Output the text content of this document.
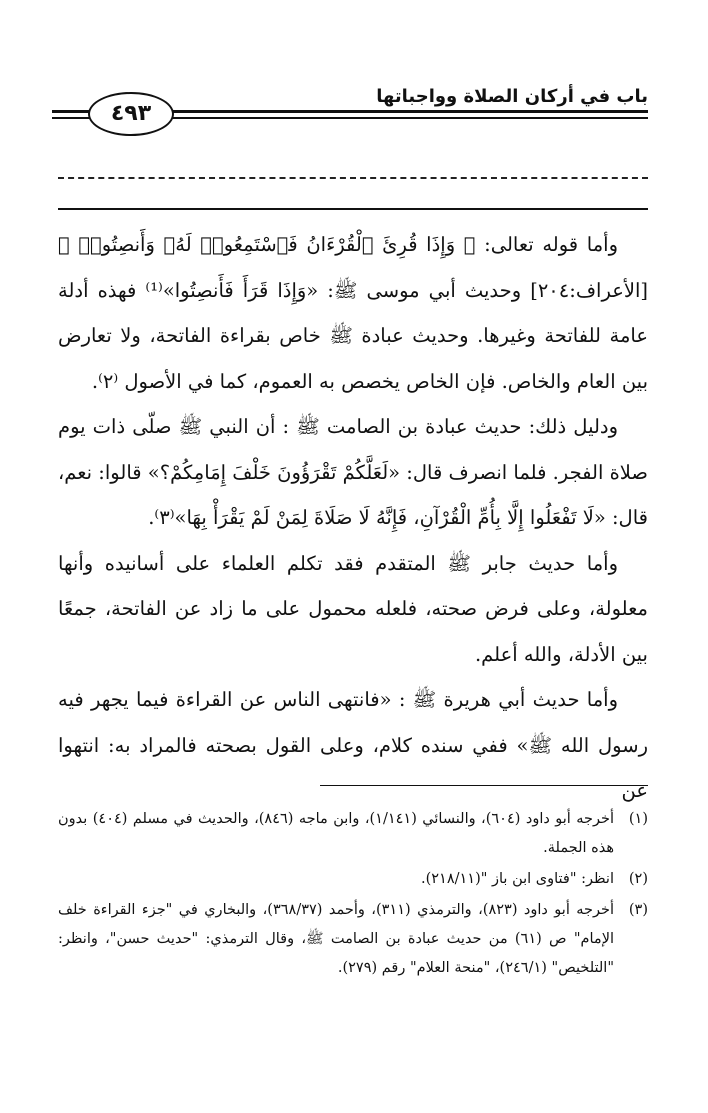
باب في أركان الصلاة وواجباتها
٤٩٣

وأما قوله تعالى: ﴿ وَإِذَا قُرِئَ ٱلْقُرْءَانُ فَٱسْتَمِعُوا۟ لَهُۥ وَأَنصِتُوا۟ ﴾ [الأعراف:٢٠٤] وحديث أبي موسى ﷺ: «وَإِذَا قَرَأَ فَأَنصِتُوا»⁽¹⁾ فهذه أدلة عامة للفاتحة وغيرها. وحديث عبادة ﷺ خاص بقراءة الفاتحة، ولا تعارض بين العام والخاص. فإن الخاص يخصص به العموم، كما في الأصول ⁽٢⁾.

ودليل ذلك: حديث عبادة بن الصامت ﷺ : أن النبي ﷺ صلّى ذات يوم صلاة الفجر. فلما انصرف قال: «لَعَلَّكُمْ تَقْرَؤُونَ خَلْفَ إِمَامِكُمْ؟» قالوا: نعم، قال: «لَا تَفْعَلُوا إِلَّا بِأُمِّ الْقُرْآنِ، فَإِنَّهُ لَا صَلَاةَ لِمَنْ لَمْ يَقْرَأْ بِهَا»⁽٣⁾.

وأما حديث جابر ﷺ المتقدم فقد تكلم العلماء على أسانيده وأنها معلولة، وعلى فرض صحته، فلعله محمول على ما زاد عن الفاتحة، جمعًا بين الأدلة، والله أعلم.

وأما حديث أبي هريرة ﷺ : «فانتهى الناس عن القراءة فيما يجهر فيه رسول الله ﷺ» ففي سنده كلام، وعلى القول بصحته فالمراد به: انتهوا عن

(١)
أخرجه أبو داود (٦٠٤)، والنسائي (١/١٤١)، وابن ماجه (٨٤٦)، والحديث في مسلم (٤٠٤) بدون هذه الجملة.
(٢)
انظر: "فتاوى ابن باز "(٢١٨/١١).
(٣)
أخرجه أبو داود (٨٢٣)، والترمذي (٣١١)، وأحمد (٣٦٨/٣٧)، والبخاري في "جزء القراءة خلف الإمام" ص (٦١) من حديث عبادة بن الصامت ﷺ، وقال الترمذي: "حديث حسن"، وانظر: "التلخيص" (٢٤٦/١)، "منحة العلام" رقم (٢٧٩).
